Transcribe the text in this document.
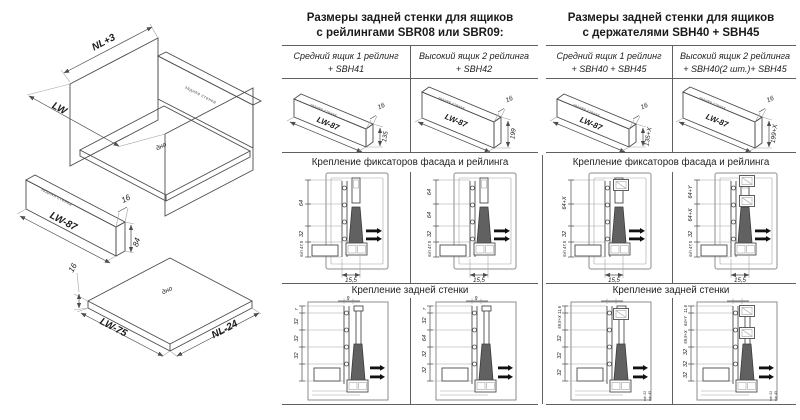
NL+3
LW
задняя стенка
дно
задняя стенка
LW-87
16
84
дно
LW-75	NL-24
16
Размеры задней стенки для ящиков
с рейлингами SBR08 или SBR09:
Средний ящик 1 рейлинг
+ SBH41
Высокий ящик 2 рейлинга
+ SBH42
задняя стенка
LW-87
16
135
задняя стенка
LW-87
16
199
Крепление фиксаторов фасада и рейлинга
64
32
min 47,5
15,5
64
64
32
min 47,5
15,5
Крепление задней стенки
9
7
32
32
32
9
7
32
64
32
32
Размеры задней стенки для ящиков
с держателями SBH40 + SBH45
Средний ящик 1 рейлинг
+ SBH40 + SBH45
Высокий ящик 2 рейлинга
+ SBH40(2 шт.)+ SBH45
задняя стенка
LW-87
16
135+X
задняя стенка
LW-87
16
199+X
Крепление фиксаторов фасада и рейлинга
64+X
32
min 47,5
15,5
64+Y
64+X
32
min 47,5
15,5
Крепление задней стенки
11,6
59,5+X
32
32
32
min 32 min 45
11,6
64+Y
59,5+X
32
32
32
min 32 min 45
